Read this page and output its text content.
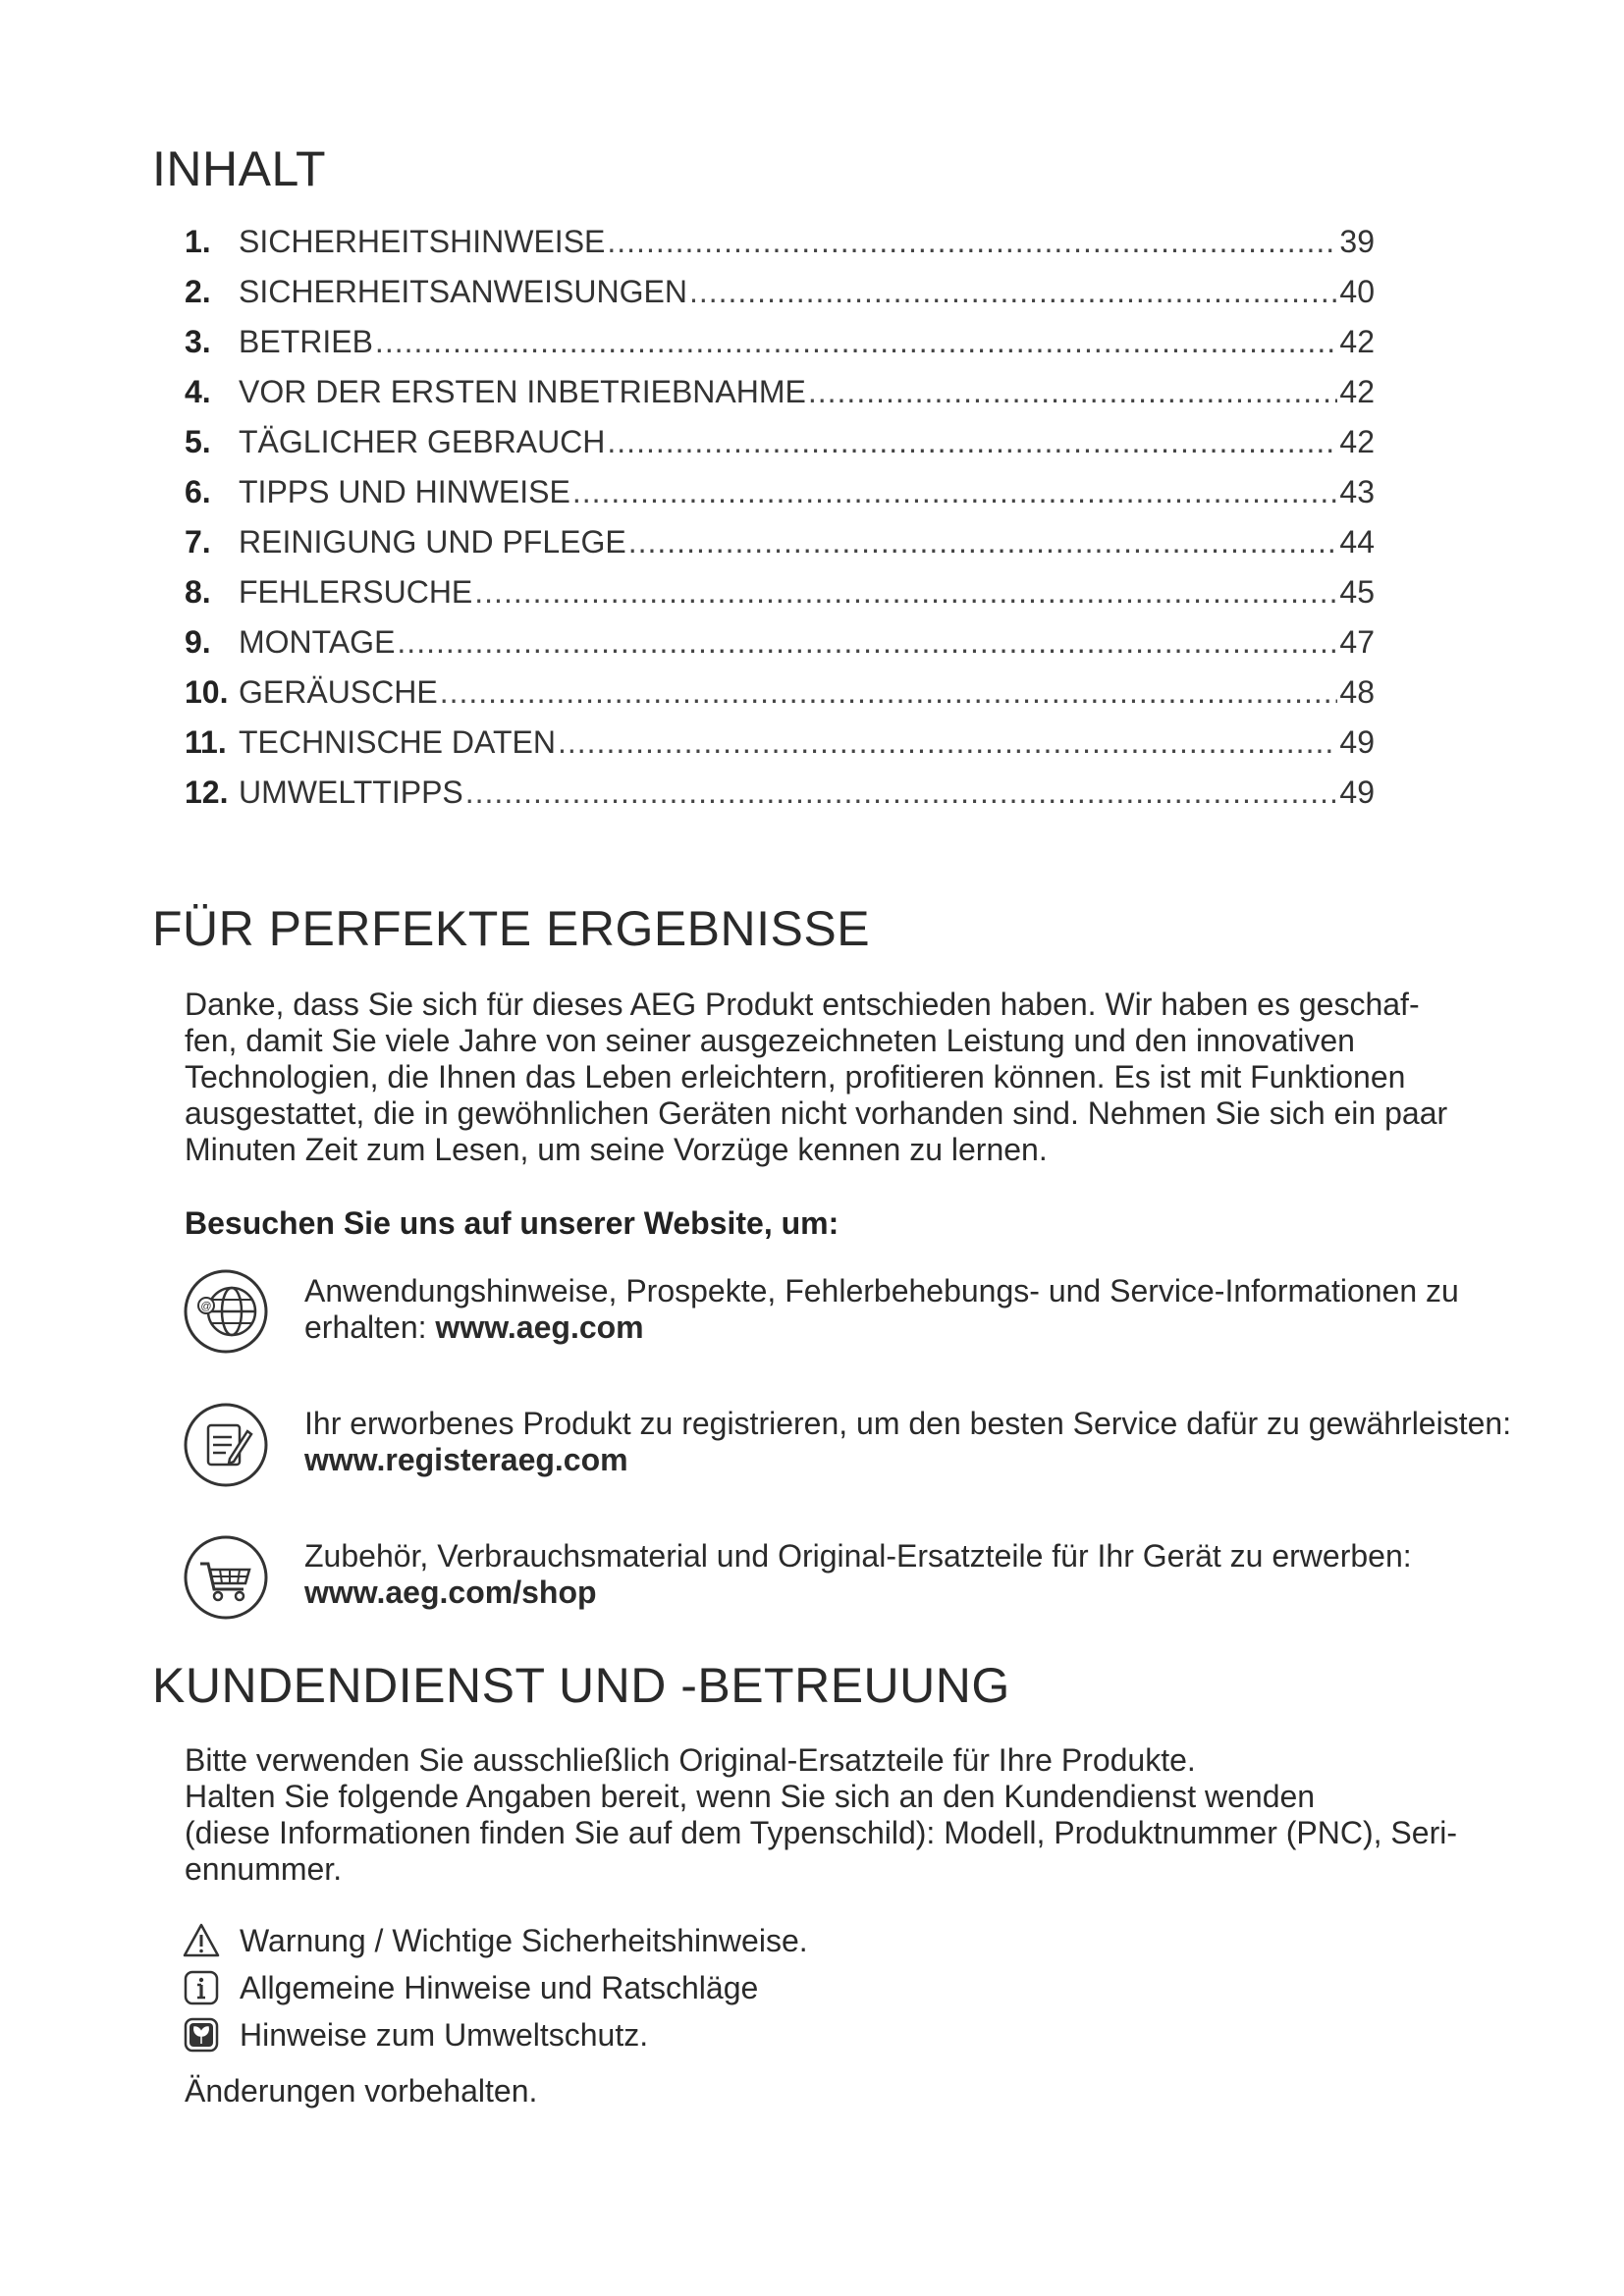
INHALT
1. SICHERHEITSHINWEISE .....	39
2. SICHERHEITSANWEISUNGEN .....	40
3. BETRIEB .....	42
4. VOR DER ERSTEN INBETRIEBNAHME .....	42
5. TÄGLICHER GEBRAUCH .....	42
6. TIPPS UND HINWEISE .....	43
7. REINIGUNG UND PFLEGE .....	44
8. FEHLERSUCHE .....	45
9. MONTAGE .....	47
10. GERÄUSCHE .....	48
11. TECHNISCHE DATEN .....	49
12. UMWELTTIPPS .....	49
FÜR PERFEKTE ERGEBNISSE
Danke, dass Sie sich für dieses AEG Produkt entschieden haben. Wir haben es geschaf-
fen, damit Sie viele Jahre von seiner ausgezeichneten Leistung und den innovativen
Technologien, die Ihnen das Leben erleichtern, profitieren können. Es ist mit Funktionen
ausgestattet, die in gewöhnlichen Geräten nicht vorhanden sind. Nehmen Sie sich ein paar
Minuten Zeit zum Lesen, um seine Vorzüge kennen zu lernen.
Besuchen Sie uns auf unserer Website, um:
@	Anwendungshinweise, Prospekte, Fehlerbehebungs- und Service-Informationen zu
erhalten: www.aeg.com
Ihr erworbenes Produkt zu registrieren, um den besten Service dafür zu gewährleisten:
www.registeraeg.com
Zubehör, Verbrauchsmaterial und Original-Ersatzteile für Ihr Gerät zu erwerben:
www.aeg.com/shop
KUNDENDIENST UND -BETREUUNG
Bitte verwenden Sie ausschließlich Original-Ersatzteile für Ihre Produkte.
Halten Sie folgende Angaben bereit, wenn Sie sich an den Kundendienst wenden
(diese Informationen finden Sie auf dem Typenschild): Modell, Produktnummer (PNC), Seri-
ennummer.
Warnung / Wichtige Sicherheitshinweise.
Allgemeine Hinweise und Ratschläge
Hinweise zum Umweltschutz.
Änderungen vorbehalten.
